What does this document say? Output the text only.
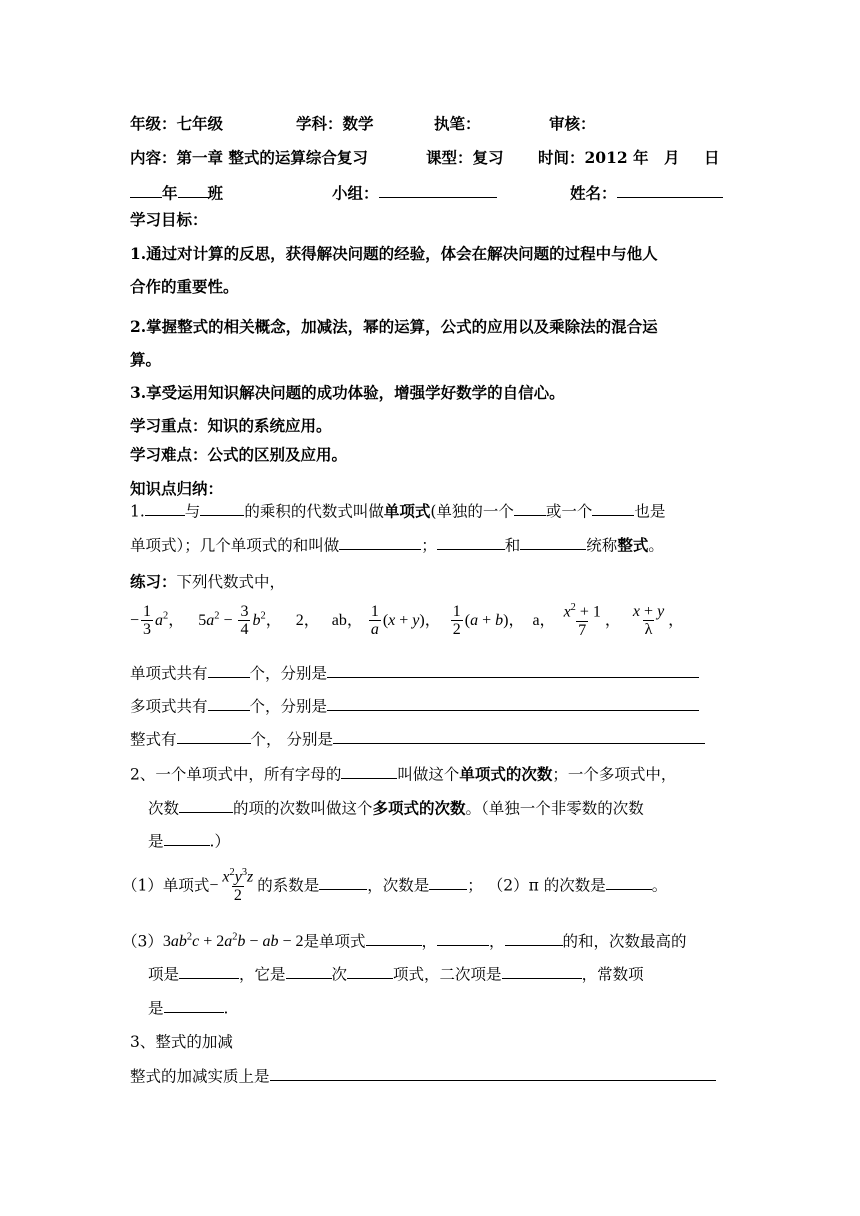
年级：七年级	学科：数学	执笔：	审核：
内容：第一章 整式的运算综合复习	课型：复习 时间：2012 年 月 日
年 班	小组：	姓名：
学习目标：
1.通过对计算的反思，获得解决问题的经验，体会在解决问题的过程中与他人
合作的重要性。
2.掌握整式的相关概念，加减法，幂的运算，公式的应用以及乘除法的混合运
算。
3.享受运用知识解决问题的成功体验，增强学好数学的自信心。
学习重点：知识的系统应用。
学习难点：公式的区别及应用。
知识点归纳：
1.	与	的乘积的代数式叫做单项式(单独的一个 或一个	也是
单项式）；几个单项式的和叫做	；	和	统称整式。
练习：下列代数式中，
− $\frac{1}{3} a^2$， $5a^2 - \frac{3}{4} b^2$， 2， ab， $\frac{1}{a} (x + y)$， $\frac{1}{2} (a + b)$， a， $\frac{x^2 + 1}{7}$ ， $\frac{x + y}{\lambda}$ ，
单项式共有	个，分别是
多项式共有	个，分别是
整式有	个， 分别是
2、一个单项式中，所有字母的	叫做这个单项式的次数；一个多项式中，
次数	的项的次数叫做这个多项式的次数。（单独一个非零数的次数
是	.）
（1）单项式− $\frac{x^2y^3z}{2}$ 的系数是	，次数是 ； （2）π 的次数是	。
$(3)3ab^2c + 2a^2b$ − ab − 2是单项式	，	，	的和，次数最高的
项是	，它是	次	项式，二次项是	，常数项
是	.
3、整式的加减
整式的加减实质上是
